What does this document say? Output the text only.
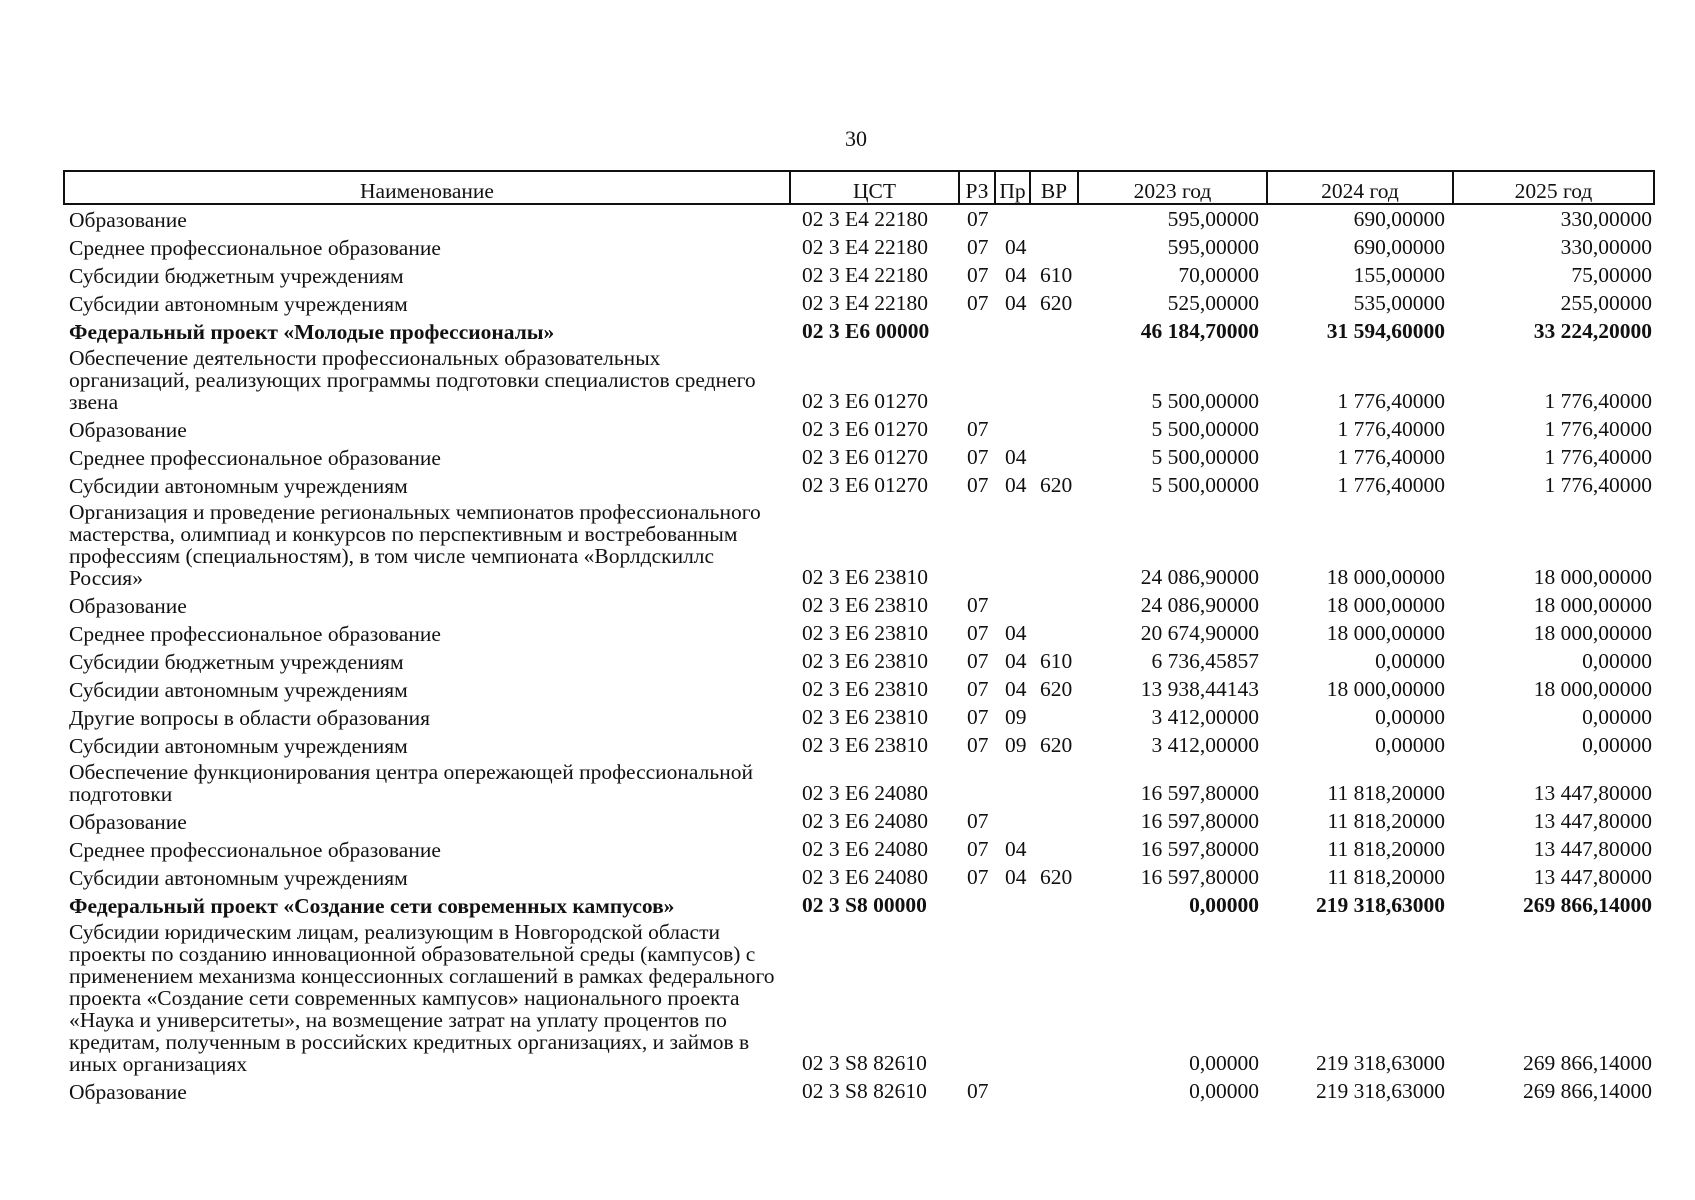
30
Наименование	ЦСТ	РЗ	Пр	ВР	2023 год	2024 год	2025 год
Образование	02 3 E4 22180	07			595,00000	690,00000	330,00000
Среднее профессиональное образование	02 3 E4 22180	07	04		595,00000	690,00000	330,00000
Субсидии бюджетным учреждениям	02 3 E4 22180	07	04	610	70,00000	155,00000	75,00000
Субсидии автономным учреждениям	02 3 E4 22180	07	04	620	525,00000	535,00000	255,00000
Федеральный проект «Молодые профессионалы»	02 3 E6 00000				46 184,70000	31 594,60000	33 224,20000
Обеспечение деятельности профессиональных образовательных организаций, реализующих программы подготовки специалистов среднего звена	02 3 E6 01270				5 500,00000	1 776,40000	1 776,40000
Образование	02 3 E6 01270	07			5 500,00000	1 776,40000	1 776,40000
Среднее профессиональное образование	02 3 E6 01270	07	04		5 500,00000	1 776,40000	1 776,40000
Субсидии автономным учреждениям	02 3 E6 01270	07	04	620	5 500,00000	1 776,40000	1 776,40000
Организация и проведение региональных чемпионатов профессионального мастерства, олимпиад и конкурсов по перспективным и востребованным профессиям (специальностям), в том числе чемпионата «Ворлдскиллс Россия»	02 3 E6 23810				24 086,90000	18 000,00000	18 000,00000
Образование	02 3 E6 23810	07			24 086,90000	18 000,00000	18 000,00000
Среднее профессиональное образование	02 3 E6 23810	07	04		20 674,90000	18 000,00000	18 000,00000
Субсидии бюджетным учреждениям	02 3 E6 23810	07	04	610	6 736,45857	0,00000	0,00000
Субсидии автономным учреждениям	02 3 E6 23810	07	04	620	13 938,44143	18 000,00000	18 000,00000
Другие вопросы в области образования	02 3 E6 23810	07	09		3 412,00000	0,00000	0,00000
Субсидии автономным учреждениям	02 3 E6 23810	07	09	620	3 412,00000	0,00000	0,00000
Обеспечение функционирования центра опережающей профессиональной подготовки	02 3 E6 24080				16 597,80000	11 818,20000	13 447,80000
Образование	02 3 E6 24080	07			16 597,80000	11 818,20000	13 447,80000
Среднее профессиональное образование	02 3 E6 24080	07	04		16 597,80000	11 818,20000	13 447,80000
Субсидии автономным учреждениям	02 3 E6 24080	07	04	620	16 597,80000	11 818,20000	13 447,80000
Федеральный проект «Создание сети современных кампусов»	02 3 S8 00000				0,00000	219 318,63000	269 866,14000
Субсидии юридическим лицам, реализующим в Новгородской области проекты по созданию инновационной образовательной среды (кампусов) с применением механизма концессионных соглашений в рамках федерального проекта «Создание сети современных кампусов» национального проекта «Наука и университеты», на возмещение затрат на уплату процентов по кредитам, полученным в российских кредитных организациях, и займов в иных организациях	02 3 S8 82610				0,00000	219 318,63000	269 866,14000
Образование	02 3 S8 82610	07			0,00000	219 318,63000	269 866,14000
